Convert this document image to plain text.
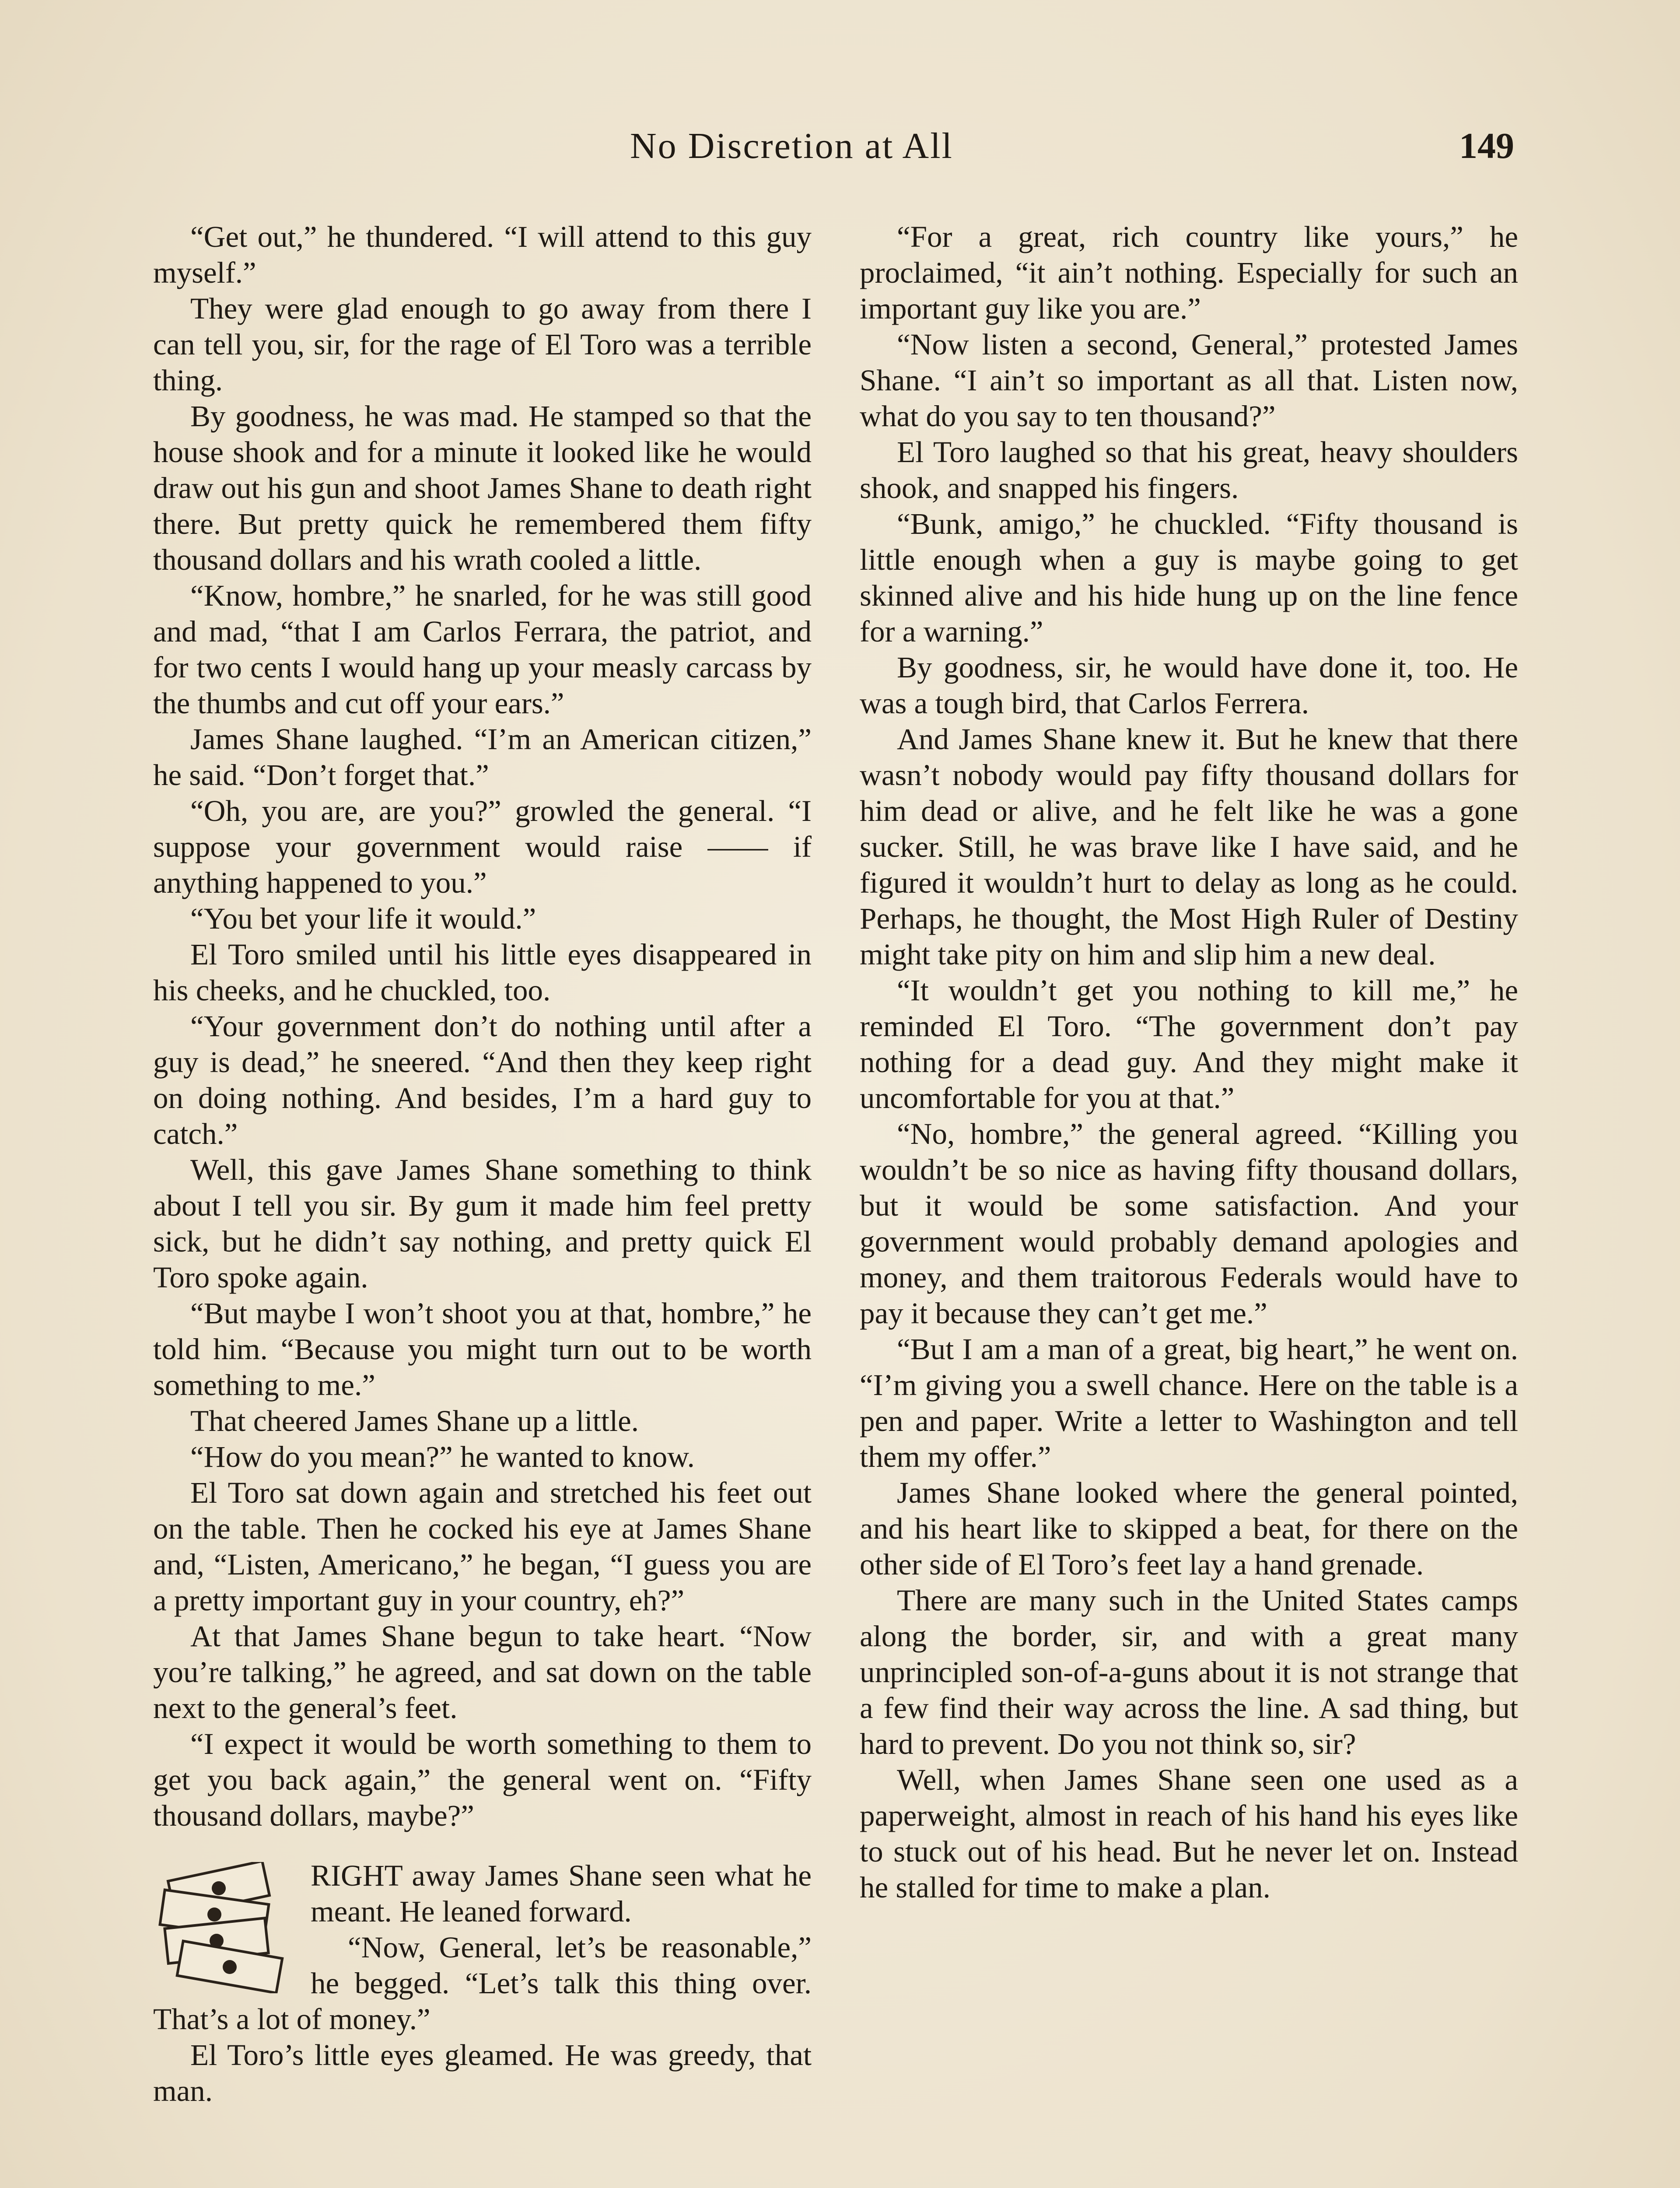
No Discretion at All	149

“Get out,” he thundered. “I will attend to this guy myself.”

They were glad enough to go away from there I can tell you, sir, for the rage of El Toro was a terrible thing.

By goodness, he was mad. He stamped so that the house shook and for a minute it looked like he would draw out his gun and shoot James Shane to death right there. But pretty quick he remembered them fifty thousand dollars and his wrath cooled a little.

“Know, hombre,” he snarled, for he was still good and mad, “that I am Carlos Ferrara, the patriot, and for two cents I would hang up your measly carcass by the thumbs and cut off your ears.”

James Shane laughed. “I’m an American citizen,” he said. “Don’t forget that.”

“Oh, you are, are you?” growled the general. “I suppose your government would raise —— if anything happened to you.”

“You bet your life it would.”

El Toro smiled until his little eyes disappeared in his cheeks, and he chuckled, too.

“Your government don’t do nothing until after a guy is dead,” he sneered. “And then they keep right on doing nothing. And besides, I’m a hard guy to catch.”

Well, this gave James Shane something to think about I tell you sir. By gum it made him feel pretty sick, but he didn’t say nothing, and pretty quick El Toro spoke again.

“But maybe I won’t shoot you at that, hombre,” he told him. “Because you might turn out to be worth something to me.”

That cheered James Shane up a little.

“How do you mean?” he wanted to know.

El Toro sat down again and stretched his feet out on the table. Then he cocked his eye at James Shane and, “Listen, Americano,” he began, “I guess you are a pretty important guy in your country, eh?”

At that James Shane begun to take heart. “Now you’re talking,” he agreed, and sat down on the table next to the general’s feet.

“I expect it would be worth something to them to get you back again,” the general went on. “Fifty thousand dollars, maybe?”

RIGHT away James Shane seen what he meant. He leaned forward.

“Now, General, let’s be reasonable,” he begged. “Let’s talk this thing over. That’s a lot of money.”

El Toro’s little eyes gleamed. He was greedy, that man.

“For a great, rich country like yours,” he proclaimed, “it ain’t nothing. Especially for such an important guy like you are.”

“Now listen a second, General,” protested James Shane. “I ain’t so important as all that. Listen now, what do you say to ten thousand?”

El Toro laughed so that his great, heavy shoulders shook, and snapped his fingers.

“Bunk, amigo,” he chuckled. “Fifty thousand is little enough when a guy is maybe going to get skinned alive and his hide hung up on the line fence for a warning.”

By goodness, sir, he would have done it, too. He was a tough bird, that Carlos Ferrera.

And James Shane knew it. But he knew that there wasn’t nobody would pay fifty thousand dollars for him dead or alive, and he felt like he was a gone sucker. Still, he was brave like I have said, and he figured it wouldn’t hurt to delay as long as he could. Perhaps, he thought, the Most High Ruler of Destiny might take pity on him and slip him a new deal.

“It wouldn’t get you nothing to kill me,” he reminded El Toro. “The government don’t pay nothing for a dead guy. And they might make it uncomfortable for you at that.”

“No, hombre,” the general agreed. “Killing you wouldn’t be so nice as having fifty thousand dollars, but it would be some satisfaction. And your government would probably demand apologies and money, and them traitorous Federals would have to pay it because they can’t get me.”

“But I am a man of a great, big heart,” he went on. “I’m giving you a swell chance. Here on the table is a pen and paper. Write a letter to Washington and tell them my offer.”

James Shane looked where the general pointed, and his heart like to skipped a beat, for there on the other side of El Toro’s feet lay a hand grenade.

There are many such in the United States camps along the border, sir, and with a great many unprincipled son-of-a-guns about it is not strange that a few find their way across the line. A sad thing, but hard to prevent. Do you not think so, sir?

Well, when James Shane seen one used as a paperweight, almost in reach of his hand his eyes like to stuck out of his head. But he never let on. Instead he stalled for time to make a plan.
